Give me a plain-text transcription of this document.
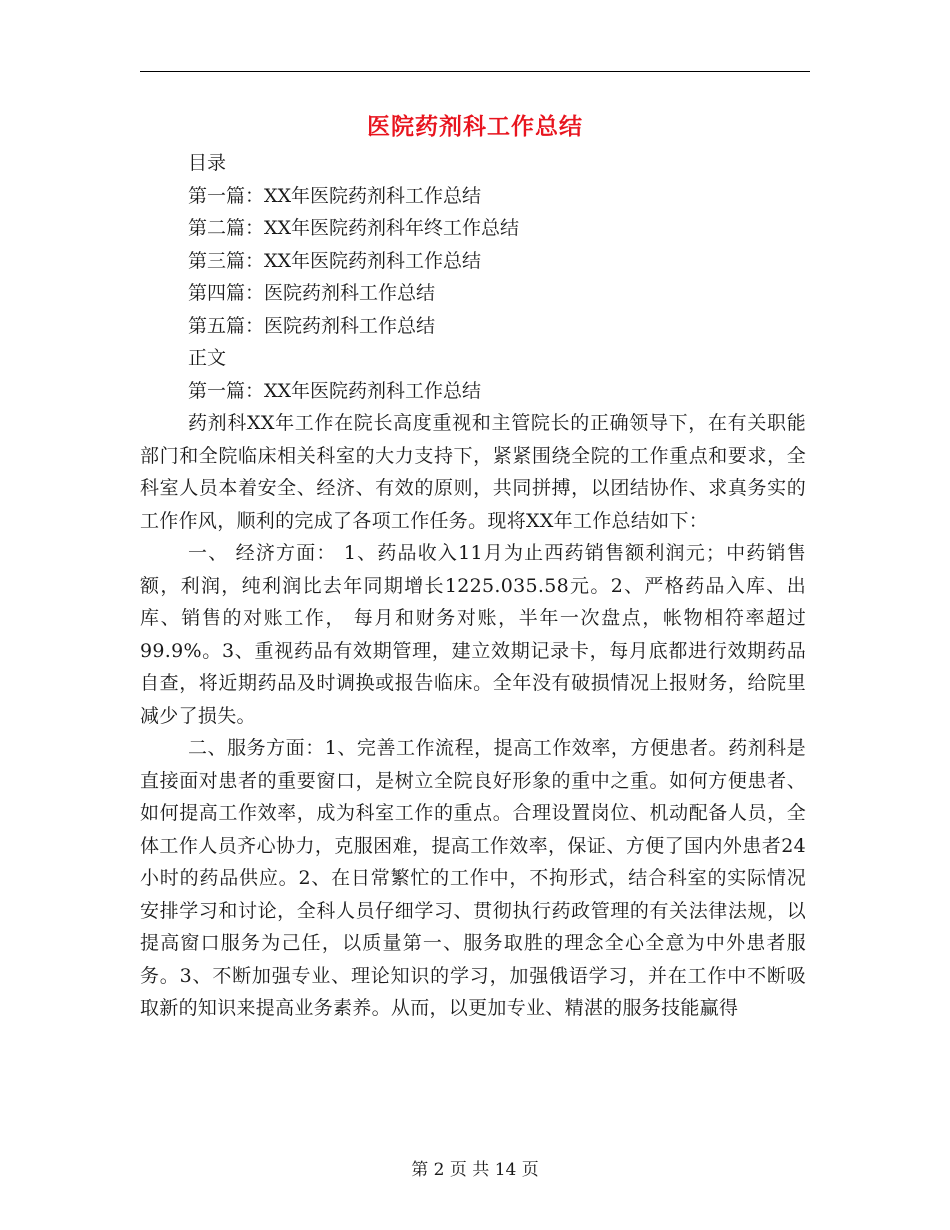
医院药剂科工作总结
目录
第一篇：XX年医院药剂科工作总结
第二篇：XX年医院药剂科年终工作总结
第三篇：XX年医院药剂科工作总结
第四篇：医院药剂科工作总结
第五篇：医院药剂科工作总结
正文
第一篇：XX年医院药剂科工作总结

药剂科XX年工作在院长高度重视和主管院长的正确领导下，在有关职能部门和全院临床相关科室的大力支持下，紧紧围绕全院的工作重点和要求，全科室人员本着安全、经济、有效的原则，共同拼搏，以团结协作、求真务实的工作作风，顺利的完成了各项工作任务。现将XX年工作总结如下：

一、 经济方面： 1、药品收入11月为止西药销售额利润元；中药销售额，利润，纯利润比去年同期增长1225.035.58元。2、严格药品入库、出库、销售的对账工作， 每月和财务对账，半年一次盘点，帐物相符率超过99.9%。3、重视药品有效期管理，建立效期记录卡，每月底都进行效期药品自查，将近期药品及时调换或报告临床。全年没有破损情况上报财务，给院里减少了损失。

二、服务方面：1、完善工作流程，提高工作效率，方便患者。药剂科是直接面对患者的重要窗口，是树立全院良好形象的重中之重。如何方便患者、如何提高工作效率，成为科室工作的重点。合理设置岗位、机动配备人员，全体工作人员齐心协力，克服困难，提高工作效率，保证、方便了国内外患者24小时的药品供应。2、在日常繁忙的工作中，不拘形式，结合科室的实际情况安排学习和讨论，全科人员仔细学习、贯彻执行药政管理的有关法律法规，以提高窗口服务为己任，以质量第一、服务取胜的理念全心全意为中外患者服务。3、不断加强专业、理论知识的学习，加强俄语学习，并在工作中不断吸取新的知识来提高业务素养。从而，以更加专业、精湛的服务技能赢得

第 2 页 共 14 页
